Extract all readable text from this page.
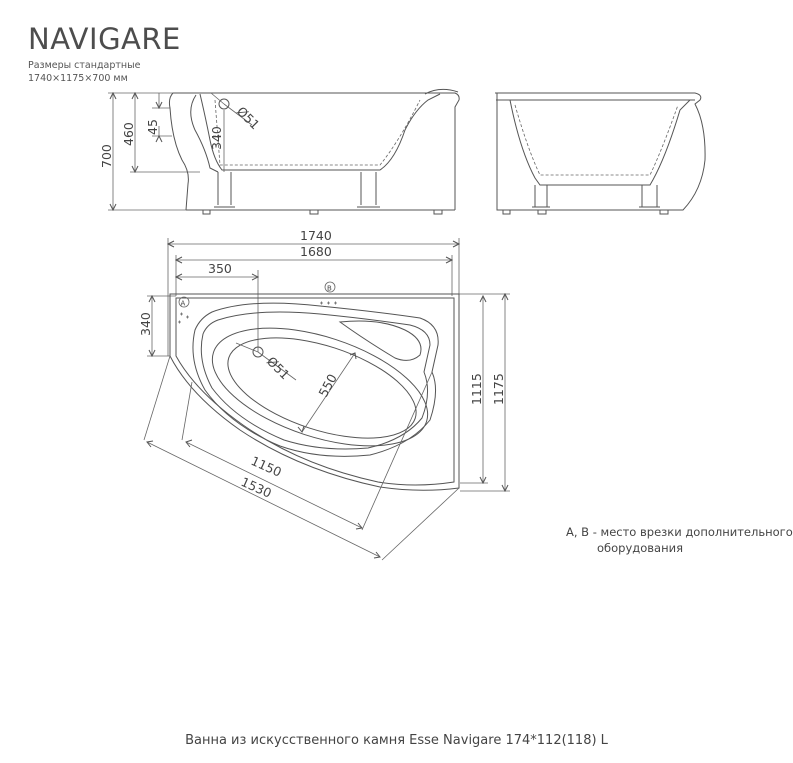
NAVIGARE
Размеры стандартные
1740×1175×700 мм
700
460 45	Ø51
340
1740
1680
350
340
1115 1175
Ø51
550
1150
1530
A
B
А, В - место врезки дополнительного
оборудования
Ванна из искусственного камня Esse Navigare 174*112(118) L
